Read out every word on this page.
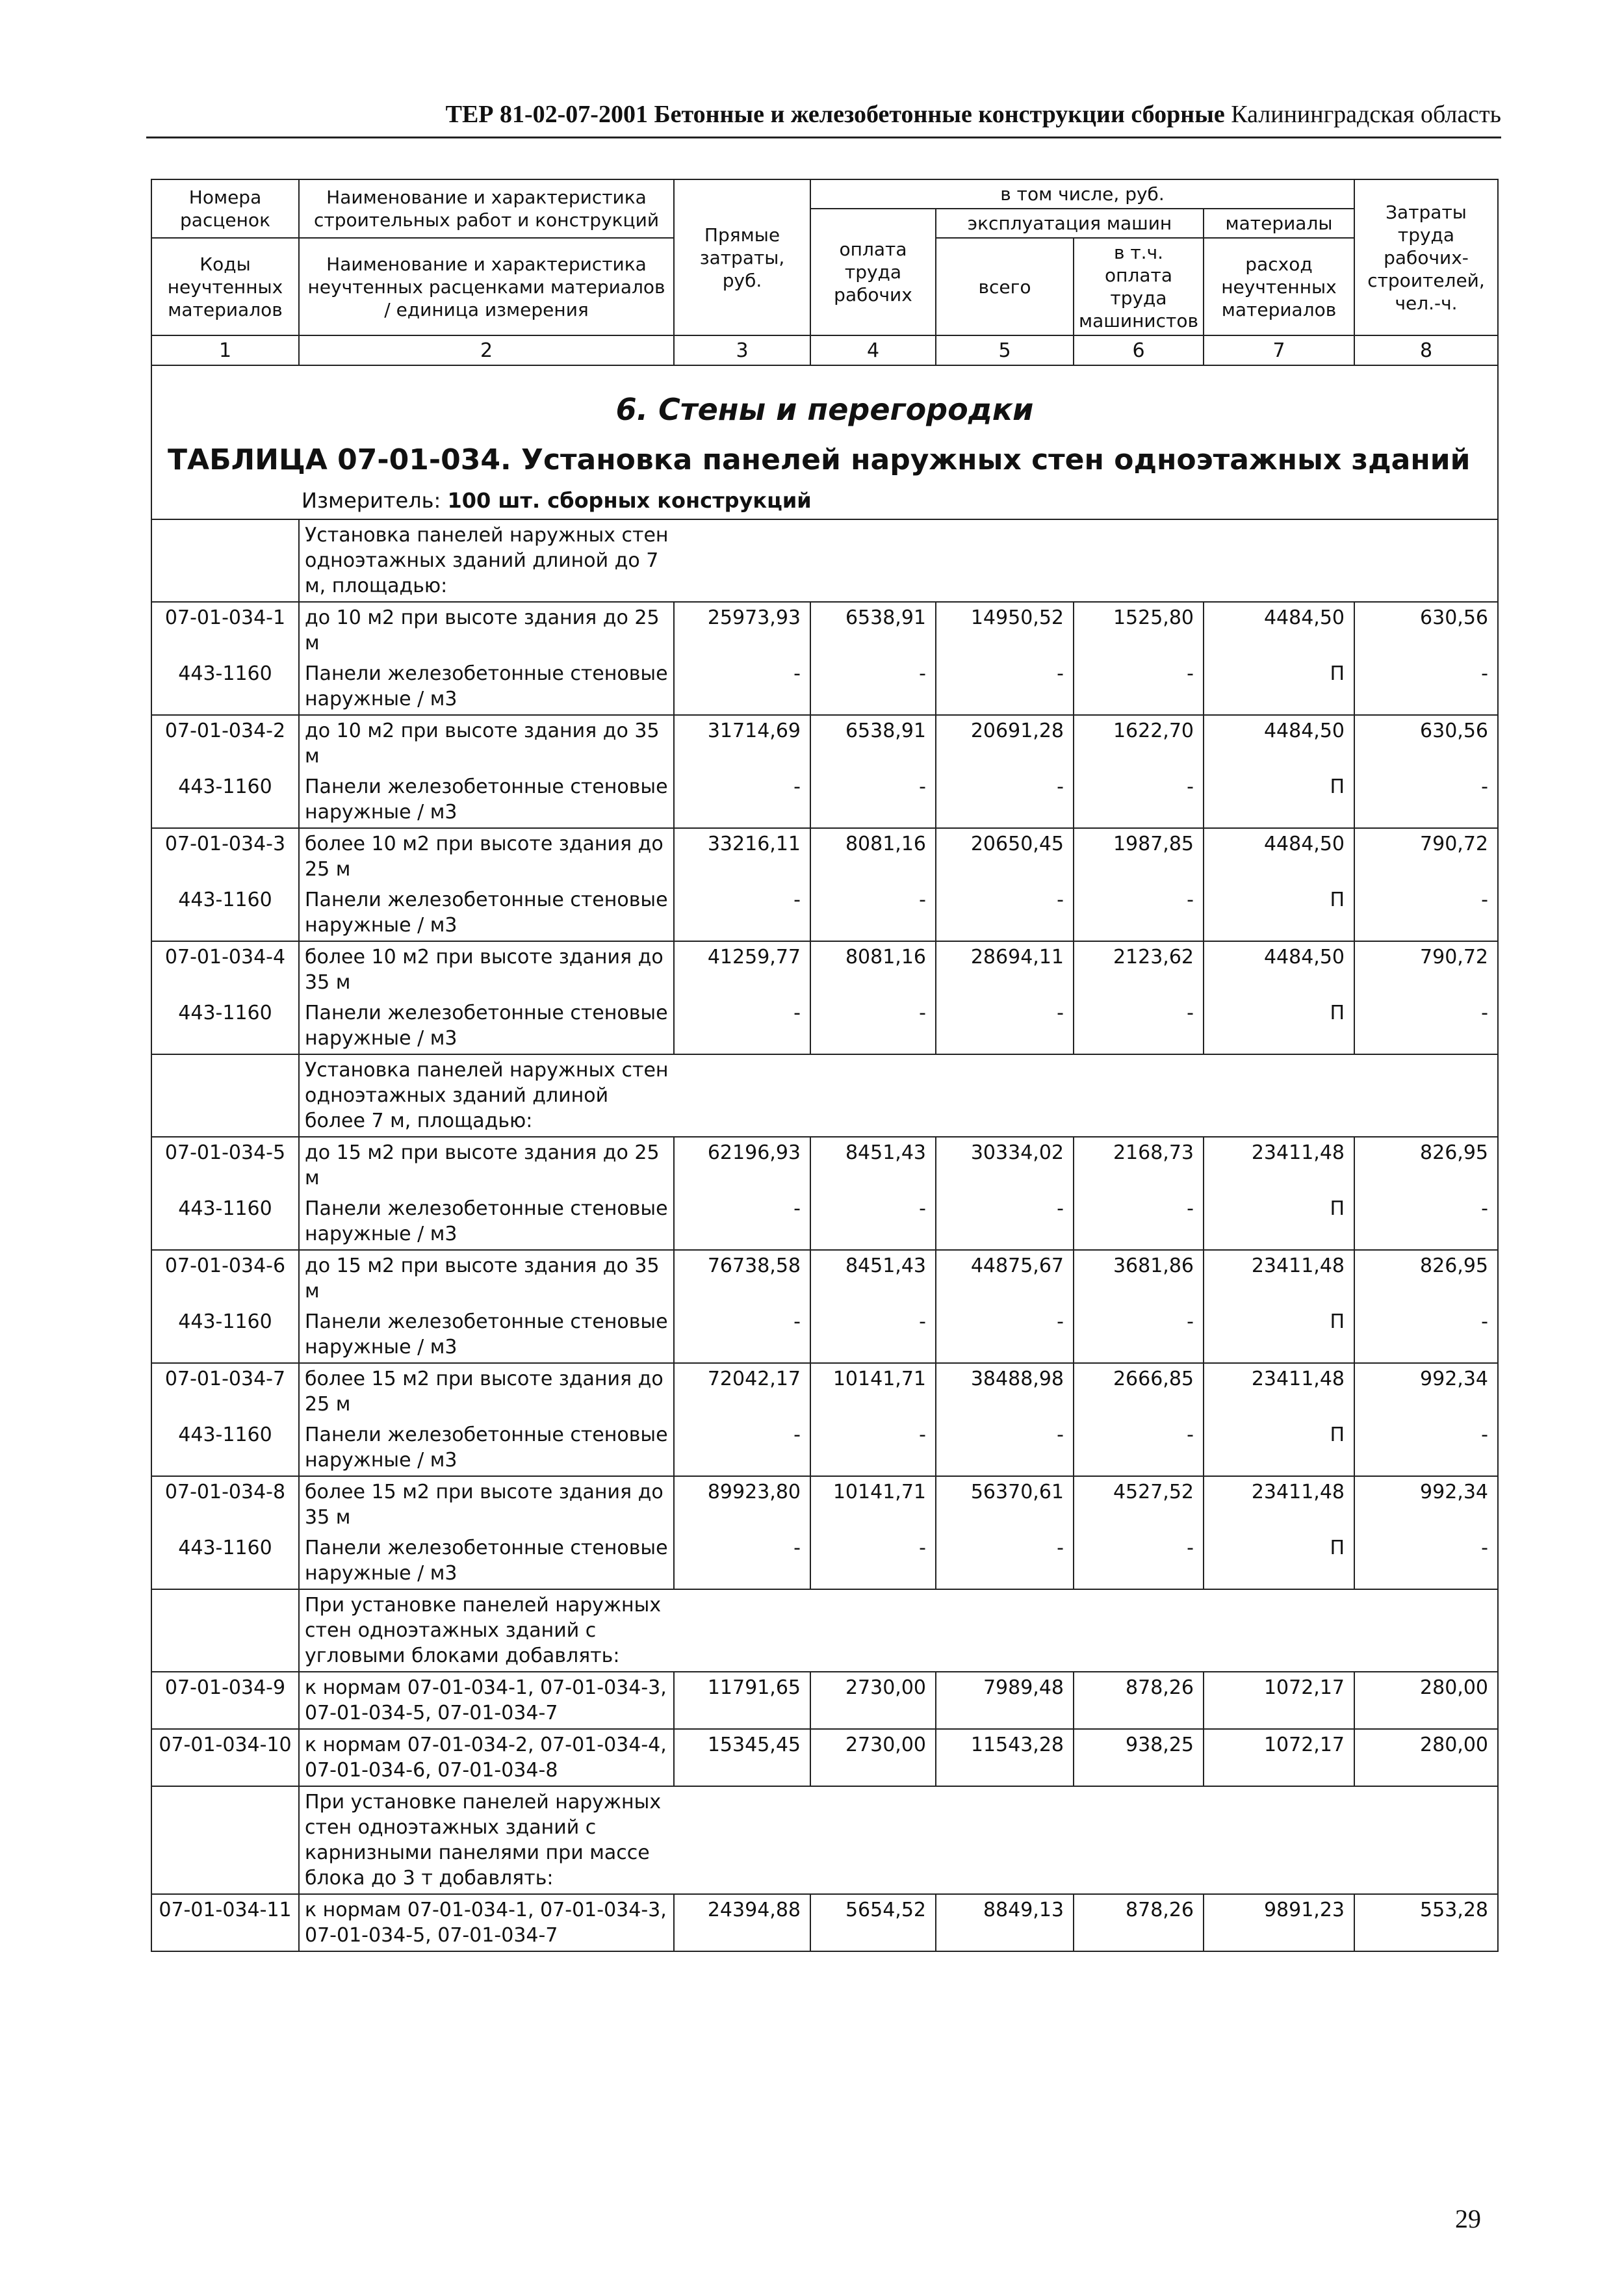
ТЕР 81-02-07-2001 Бетонные и железобетонные конструкции сборные Калининградская область
Номера расценок	Наименование и характеристика строительных работ и конструкций	Прямые затраты, руб.	в том числе, руб.				Затраты труда рабочих-строителей, чел.-ч.
			оплата труда рабочих	эксплуатация машин		материалы	
Коды неучтенных материалов	Наименование и характеристика неучтенных расценками материалов / единица измерения			всего	в т.ч. оплата труда машинистов	расход неучтенных материалов	

1	2	3	4	5	6	7	8

6. Стены и перегородки
ТАБЛИЦА 07-01-034. Установка панелей наружных стен одноэтажных зданий
Измеритель: 100 шт. сборных конструкций							

	Установка панелей наружных стен одноэтажных зданий длиной до 7 м, площадью:						
07-01-034-1	до 10 м2 при высоте здания до 25 м	25973,93	6538,91	14950,52	1525,80	4484,50	630,56
443-1160	Панели железобетонные стеновые наружные / м3	-	-	-	-	П	-
07-01-034-2	до 10 м2 при высоте здания до 35 м	31714,69	6538,91	20691,28	1622,70	4484,50	630,56
443-1160	Панели железобетонные стеновые наружные / м3	-	-	-	-	П	-
07-01-034-3	более 10 м2 при высоте здания до 25 м	33216,11	8081,16	20650,45	1987,85	4484,50	790,72
443-1160	Панели железобетонные стеновые наружные / м3	-	-	-	-	П	-
07-01-034-4	более 10 м2 при высоте здания до 35 м	41259,77	8081,16	28694,11	2123,62	4484,50	790,72
443-1160	Панели железобетонные стеновые наружные / м3	-	-	-	-	П	-
	Установка панелей наружных стен одноэтажных зданий длиной более 7 м, площадью:						
07-01-034-5	до 15 м2 при высоте здания до 25 м	62196,93	8451,43	30334,02	2168,73	23411,48	826,95
443-1160	Панели железобетонные стеновые наружные / м3	-	-	-	-	П	-
07-01-034-6	до 15 м2 при высоте здания до 35 м	76738,58	8451,43	44875,67	3681,86	23411,48	826,95
443-1160	Панели железобетонные стеновые наружные / м3	-	-	-	-	П	-
07-01-034-7	более 15 м2 при высоте здания до 25 м	72042,17	10141,71	38488,98	2666,85	23411,48	992,34
443-1160	Панели железобетонные стеновые наружные / м3	-	-	-	-	П	-
07-01-034-8	более 15 м2 при высоте здания до 35 м	89923,80	10141,71	56370,61	4527,52	23411,48	992,34
443-1160	Панели железобетонные стеновые наружные / м3	-	-	-	-	П	-
	При установке панелей наружных стен одноэтажных зданий с угловыми блоками добавлять:						
07-01-034-9	к нормам 07-01-034-1, 07-01-034-3, 07-01-034-5, 07-01-034-7	11791,65	2730,00	7989,48	878,26	1072,17	280,00
07-01-034-10	к нормам 07-01-034-2, 07-01-034-4, 07-01-034-6, 07-01-034-8	15345,45	2730,00	11543,28	938,25	1072,17	280,00
	При установке панелей наружных стен одноэтажных зданий с карнизными панелями при массе блока до 3 т добавлять:						
07-01-034-11	к нормам 07-01-034-1, 07-01-034-3, 07-01-034-5, 07-01-034-7	24394,88	5654,52	8849,13	878,26	9891,23	553,28
29
